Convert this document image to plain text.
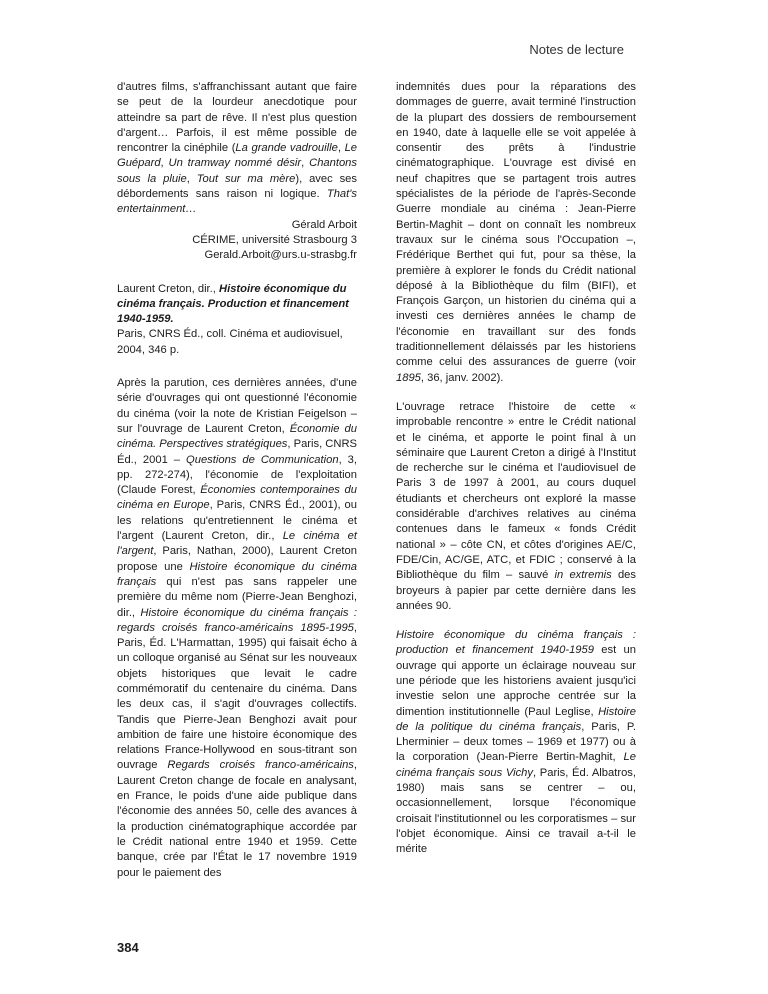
Notes de lecture

d'autres films, s'affranchissant autant que faire se peut de la lourdeur anecdotique pour atteindre sa part de rêve. Il n'est plus question d'argent… Parfois, il est même possible de rencontrer la cinéphile (La grande vadrouille, Le Guépard, Un tramway nommé désir, Chantons sous la pluie, Tout sur ma mère), avec ses débordements sans raison ni logique. That's entertainment…

Gérald Arboit

CÉRIME, université Strasbourg 3

Gerald.Arboit@urs.u-strasbg.fr

Laurent Creton, dir., Histoire économique du cinéma français. Production et financement 1940-1959.
Paris, CNRS Éd., coll. Cinéma et audiovisuel, 2004, 346 p.

Après la parution, ces dernières années, d'une série d'ouvrages qui ont questionné l'économie du cinéma (voir la note de Kristian Feigelson – sur l'ouvrage de Laurent Creton, Économie du cinéma. Perspectives stratégiques, Paris, CNRS Éd., 2001 – Questions de Communication, 3, pp. 272-274), l'économie de l'exploitation (Claude Forest, Économies contemporaines du cinéma en Europe, Paris, CNRS Éd., 2001), ou les relations qu'entretiennent le cinéma et l'argent (Laurent Creton, dir., Le cinéma et l'argent, Paris, Nathan, 2000), Laurent Creton propose une Histoire économique du cinéma français qui n'est pas sans rappeler une première du même nom (Pierre-Jean Benghozi, dir., Histoire économique du cinéma français : regards croisés franco-américains 1895-1995, Paris, Éd. L'Harmattan, 1995) qui faisait écho à un colloque organisé au Sénat sur les nouveaux objets historiques que levait le cadre commémoratif du centenaire du cinéma. Dans les deux cas, il s'agit d'ouvrages collectifs. Tandis que Pierre-Jean Benghozi avait pour ambition de faire une histoire économique des relations France-Hollywood en sous-titrant son ouvrage Regards croisés franco-américains, Laurent Creton change de focale en analysant, en France, le poids d'une aide publique dans l'économie des années 50, celle des avances à la production cinématographique accordée par le Crédit national entre 1940 et 1959. Cette banque, crée par l'État le 17 novembre 1919 pour le paiement des

indemnités dues pour la réparations des dommages de guerre, avait terminé l'instruction de la plupart des dossiers de remboursement en 1940, date à laquelle elle se voit appelée à consentir des prêts à l'industrie cinématographique. L'ouvrage est divisé en neuf chapitres que se partagent trois autres spécialistes de la période de l'après-Seconde Guerre mondiale au cinéma : Jean-Pierre Bertin-Maghit – dont on connaît les nombreux travaux sur le cinéma sous l'Occupation –, Frédérique Berthet qui fut, pour sa thèse, la première à explorer le fonds du Crédit national déposé à la Bibliothèque du film (BIFI), et François Garçon, un historien du cinéma qui a investi ces dernières années le champ de l'économie en travaillant sur des fonds traditionnellement délaissés par les historiens comme celui des assurances de guerre (voir 1895, 36, janv. 2002).

L'ouvrage retrace l'histoire de cette « improbable rencontre » entre le Crédit national et le cinéma, et apporte le point final à un séminaire que Laurent Creton a dirigé à l'Institut de recherche sur le cinéma et l'audiovisuel de Paris 3 de 1997 à 2001, au cours duquel étudiants et chercheurs ont exploré la masse considérable d'archives relatives au cinéma contenues dans le fameux « fonds Crédit national » – côte CN, et côtes d'origines AE/C, FDE/Cin, AC/GE, ATC, et FDIC ; conservé à la Bibliothèque du film – sauvé in extremis des broyeurs à papier par cette dernière dans les années 90.

Histoire économique du cinéma français : production et financement 1940-1959 est un ouvrage qui apporte un éclairage nouveau sur une période que les historiens avaient jusqu'ici investie selon une approche centrée sur la dimention institutionnelle (Paul Leglise, Histoire de la politique du cinéma français, Paris, P. Lherminier – deux tomes – 1969 et 1977) ou à la corporation (Jean-Pierre Bertin-Maghit, Le cinéma français sous Vichy, Paris, Éd. Albatros, 1980) mais sans se centrer – ou, occasionnellement, lorsque l'économique croisait l'institutionnel ou les corporatismes – sur l'objet économique. Ainsi ce travail a-t-il le mérite

384
